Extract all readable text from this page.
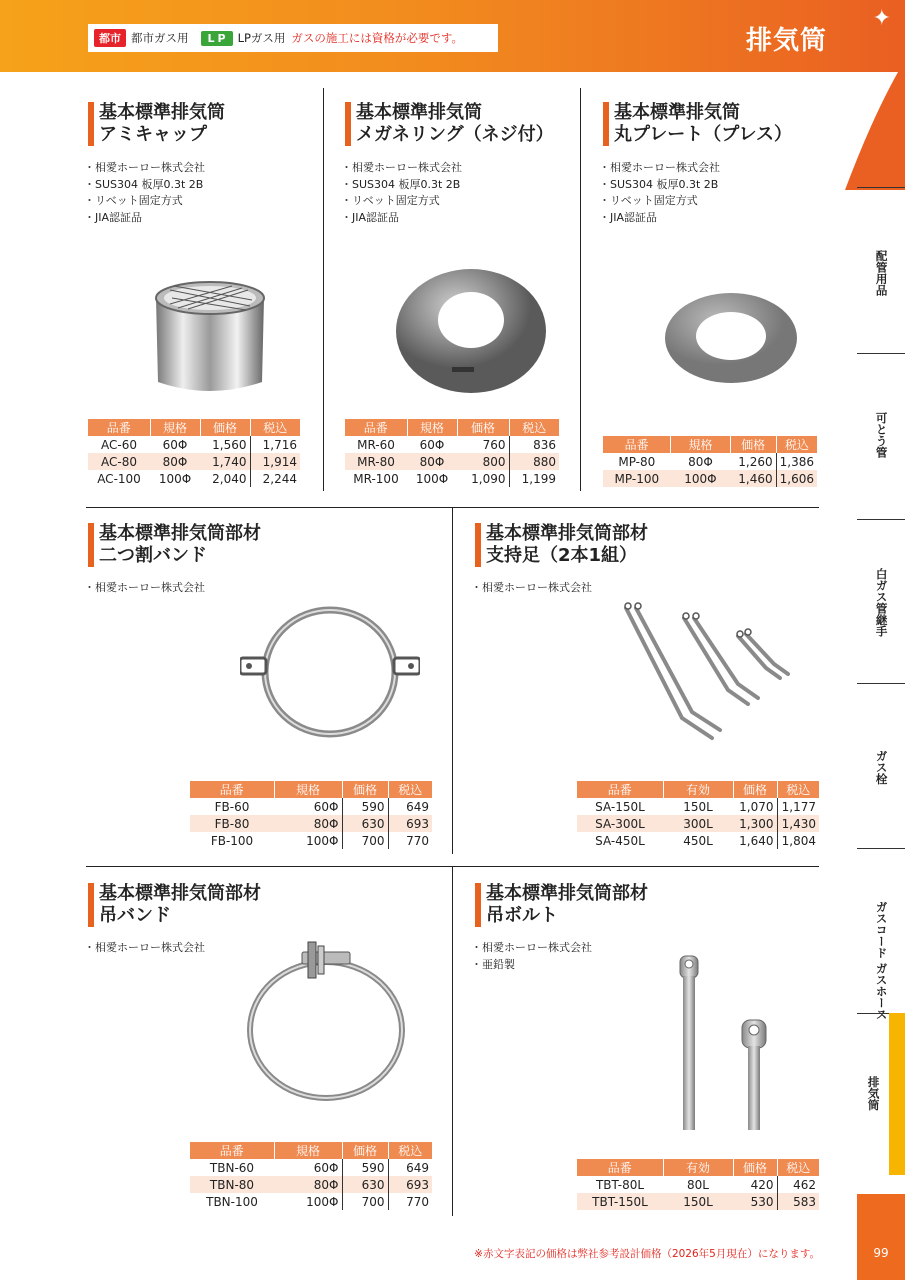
都市 都市ガス用	LP LPガス用 ガスの施工には資格が必要です。	排気筒
✦
配管用品
可とう管
白ガス管継手
ガス栓
ガスコード ガスホース
排気筒
99
基本標準排気筒
アミキャップ
・ 相愛ホーロー株式会社
・ SUS304 板厚0.3t 2B
・ リベット固定方式
・ JIA認証品
品番	規格	価格	税込
AC-60	60Φ	1,560	1,716
AC-80	80Φ	1,740	1,914
AC-100	100Φ	2,040	2,244
基本標準排気筒
メガネリング（ネジ付）
・ 相愛ホーロー株式会社
・ SUS304 板厚0.3t 2B
・ リベット固定方式
・ JIA認証品
品番	規格	価格	税込
MR-60	60Φ	760	836
MR-80	80Φ	800	880
MR-100	100Φ	1,090	1,199
基本標準排気筒
丸プレート（プレス）
・ 相愛ホーロー株式会社
・ SUS304 板厚0.3t 2B
・ リベット固定方式
・ JIA認証品
品番	規格	価格	税込
MP-80	80Φ	1,260	1,386
MP-100	100Φ	1,460	1,606
基本標準排気筒部材
二つ割バンド
・ 相愛ホーロー株式会社
品番	規格	価格	税込
FB-60	60Φ	590	649
FB-80	80Φ	630	693
FB-100	100Φ	700	770
基本標準排気筒部材
支持足（2本1組）
・ 相愛ホーロー株式会社
品番	有効	価格	税込
SA-150L	150L	1,070	1,177
SA-300L	300L	1,300	1,430
SA-450L	450L	1,640	1,804
基本標準排気筒部材
吊バンド
・ 相愛ホーロー株式会社
品番	規格	価格	税込
TBN-60	60Φ	590	649
TBN-80	80Φ	630	693
TBN-100	100Φ	700	770
基本標準排気筒部材
吊ボルト
・ 相愛ホーロー株式会社
・ 亜鉛製
品番	有効	価格	税込
TBT-80L	80L	420	462
TBT-150L	150L	530	583
※赤文字表記の価格は弊社参考設計価格（2026年5月現在）になります。
